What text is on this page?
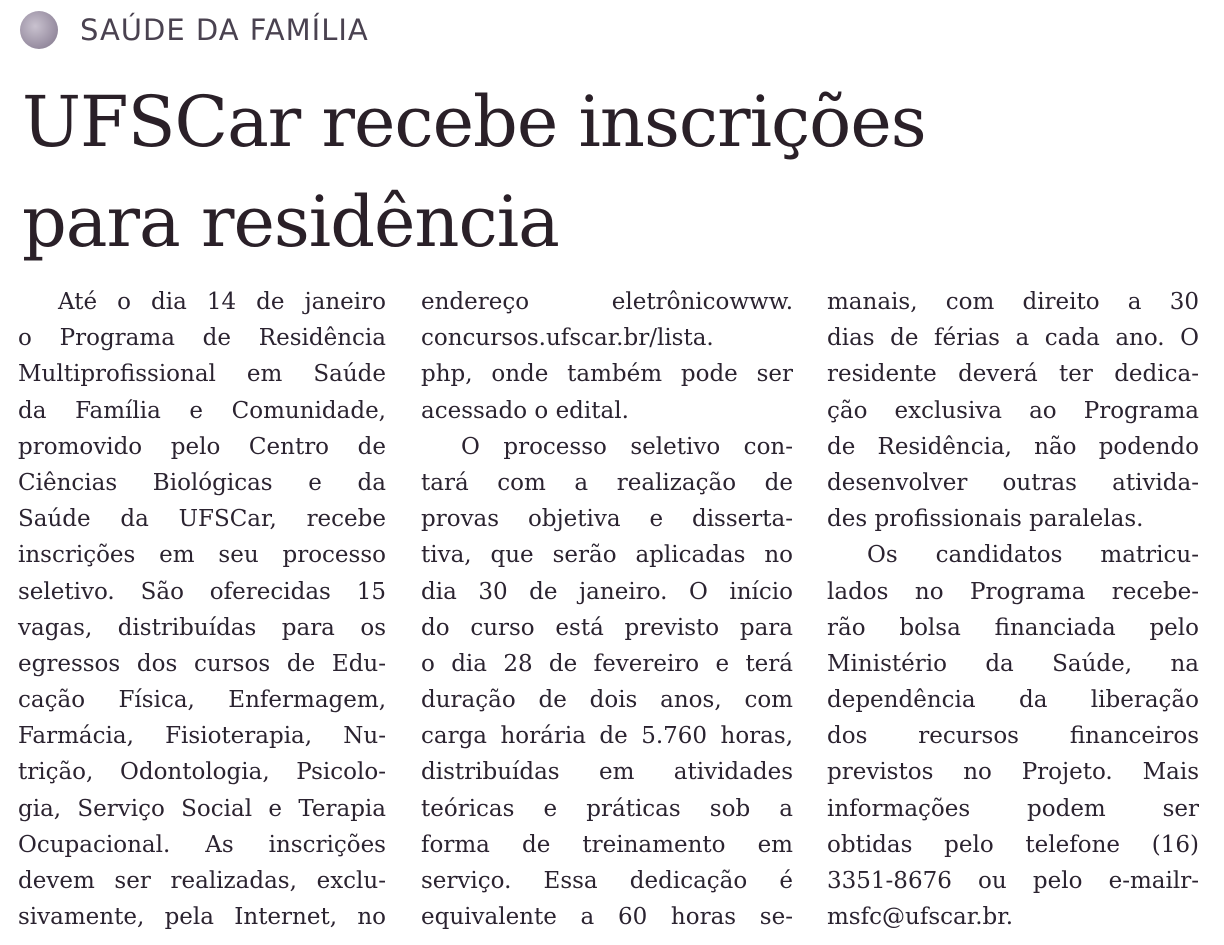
SAÚDE DA FAMÍLIA
UFSCar recebe inscrições
para residência
Até o dia 14 de janeiro
o Programa de Residência
Multiprofissional em Saúde
da Família e Comunidade,
promovido pelo Centro de
Ciências Biológicas e da
Saúde da UFSCar, recebe
inscrições em seu processo
seletivo. São oferecidas 15
vagas, distribuídas para os
egressos dos cursos de Edu-
cação Física, Enfermagem,
Farmácia, Fisioterapia, Nu-
trição, Odontologia, Psicolo-
gia, Serviço Social e Terapia
Ocupacional. As inscrições
devem ser realizadas, exclu-
sivamente, pela Internet, no
endereço eletrônicowww.
concursos.ufscar.br/lista.
php, onde também pode ser
acessado o edital.
O processo seletivo con-
tará com a realização de
provas objetiva e disserta-
tiva, que serão aplicadas no
dia 30 de janeiro. O início
do curso está previsto para
o dia 28 de fevereiro e terá
duração de dois anos, com
carga horária de 5.760 horas,
distribuídas em atividades
teóricas e práticas sob a
forma de treinamento em
serviço. Essa dedicação é
equivalente a 60 horas se-
manais, com direito a 30
dias de férias a cada ano. O
residente deverá ter dedica-
ção exclusiva ao Programa
de Residência, não podendo
desenvolver outras ativida-
des profissionais paralelas.
Os candidatos matricu-
lados no Programa recebe-
rão bolsa financiada pelo
Ministério da Saúde, na
dependência da liberação
dos recursos financeiros
previstos no Projeto. Mais
informações podem ser
obtidas pelo telefone (16)
3351-8676 ou pelo e-mailr-
msfc@ufscar.br.
